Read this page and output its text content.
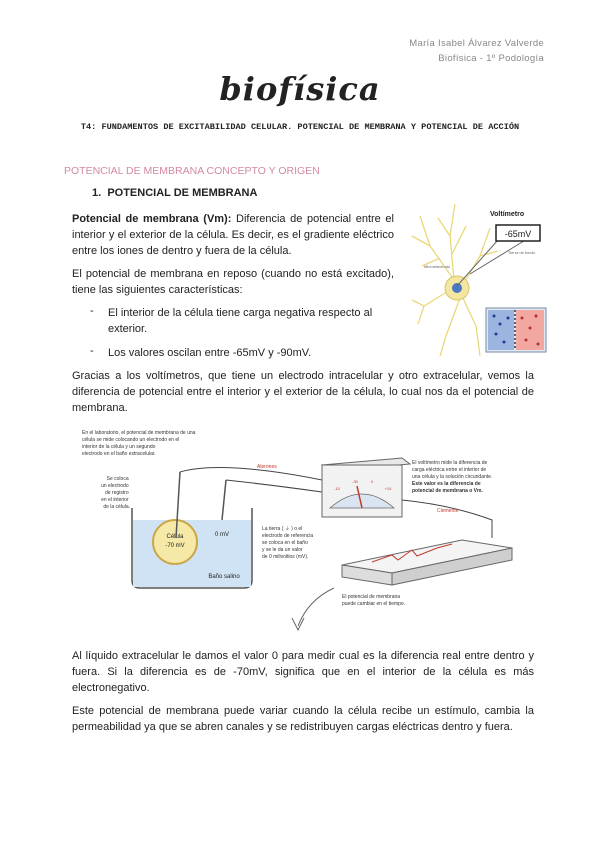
María Isabel Álvarez Valverde
Biofísica - 1º Podología
biofísica
T4: FUNDAMENTOS DE EXCITABILIDAD CELULAR. POTENCIAL DE MEMBRANA Y POTENCIAL DE ACCIÓN
POTENCIAL DE MEMBRANA CONCEPTO Y ORIGEN
1. POTENCIAL DE MEMBRANA

Potencial de membrana (Vm): Diferencia de potencial entre el interior y el exterior de la célula. Es decir, es el gradiente eléctrico entre los iones de dentro y fuera de la célula.

El potencial de membrana en reposo (cuando no está excitado), tiene las siguientes características:

- El interior de la célula tiene carga negativa respecto al exterior.
- Los valores oscilan entre -65mV y -90mV.
Voltímetro
-65mV
Tierra de fondo
Microelectrodo

Gracias a los voltímetros, que tiene un electrodo intracelular y otro extracelular, vemos la diferencia de potencial entre el interior y el exterior de la célula, lo cual nos da el potencial de membrana.

En el laboratorio, el potencial de membrana de una célula se mide colocando un electrodo en el interior de la célula y un segundo electrodo en el baño extracelular.
Se coloca un electrodo de registro en el interior de la célula.
Célula
-70 mV
0 mV
Baño salino
Alerones
La tierra ( ⏚ ) o el electrodo de referencia se coloca en el baño y se le da un valor de 0 milivoltios (mV).
-10
-30	0
+10
El voltímetro mide la diferencia de carga eléctrica entre el interior de una célula y la solución circundante. Este valor es la diferencia de potencial de membrana o Vm.
Clemente
El potencial de membrana puede cambiar en el tiempo.

Al líquido extracelular le damos el valor 0 para medir cual es la diferencia real entre dentro y fuera. Si la diferencia es de -70mV, significa que en el interior de la célula es más electronegativo.

Este potencial de membrana puede variar cuando la célula recibe un estímulo, cambia la permeabilidad ya que se abren canales y se redistribuyen cargas eléctricas dentro y fuera.
